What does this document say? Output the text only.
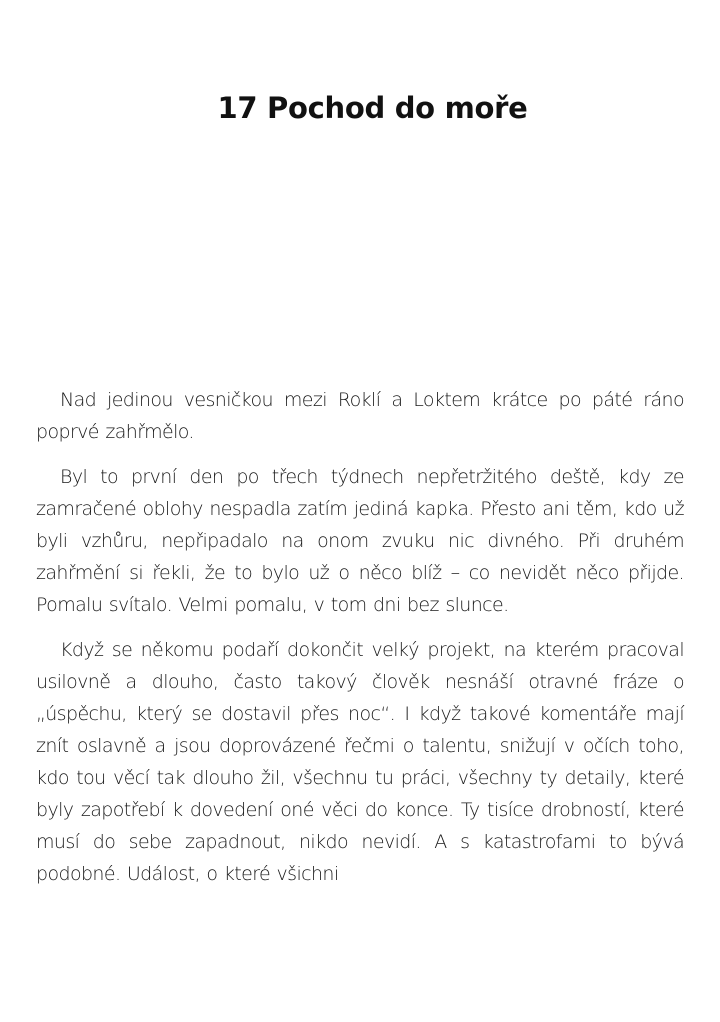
17 Pochod do moře

Nad jedinou vesničkou mezi Roklí a Loktem krátce po páté ráno poprvé zahřmělo.

Byl to první den po třech týdnech nepřetržitého deště, kdy ze zamračené oblohy nespadla zatím jediná kapka. Přesto ani těm, kdo už byli vzhůru, nepřipadalo na onom zvuku nic divného. Při druhém zahřmění si řekli, že to bylo už o něco blíž – co nevidět něco přijde. Pomalu svítalo. Velmi pomalu, v tom dni bez slunce.

Když se někomu podaří dokončit velký projekt, na kterém pracoval usilovně a dlouho, často takový člověk nesnáší otravné fráze o „úspěchu, který se dostavil přes noc“. I když takové komentáře mají znít oslavně a jsou doprovázené řečmi o talentu, snižují v očích toho, kdo tou věcí tak dlouho žil, všechnu tu práci, všechny ty detaily, které byly zapotřebí k dovedení oné věci do konce. Ty tisíce drobností, které musí do sebe zapadnout, nikdo nevidí. A s katastrofami to bývá podobné. Událost, o které všichni
